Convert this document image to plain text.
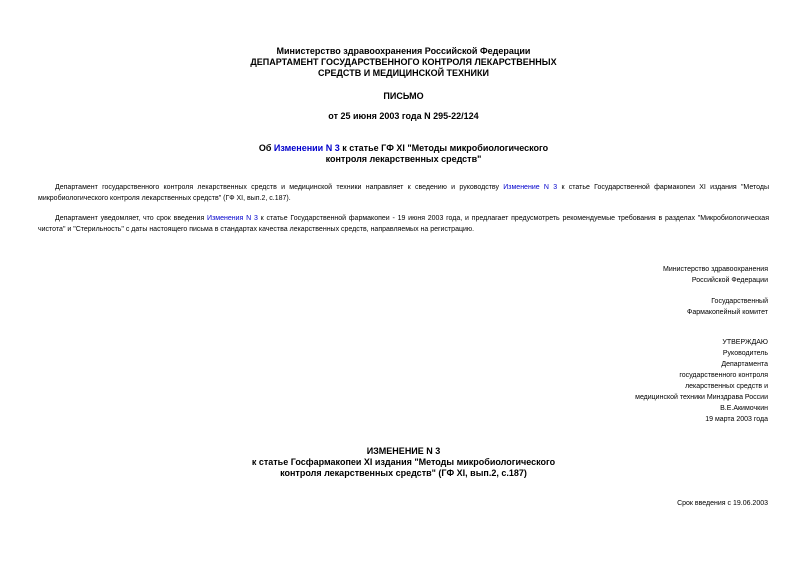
Министерство здравоохранения Российской Федерации
ДЕПАРТАМЕНТ ГОСУДАРСТВЕННОГО КОНТРОЛЯ ЛЕКАРСТВЕННЫХ
СРЕДСТВ И МЕДИЦИНСКОЙ ТЕХНИКИ
ПИСЬМО
от 25 июня 2003 года N 295-22/124
Об Изменении N 3 к статье ГФ XI "Методы микробиологического
контроля лекарственных средств"
Департамент государственного контроля лекарственных средств и медицинской техники направляет к сведению и руководству Изменение N 3 к статье Государственной фармакопеи XI издания "Методы микробиологического контроля лекарственных средств" (ГФ XI, вып.2, с.187).
Департамент уведомляет, что срок введения Изменения N 3 к статье Государственной фармакопеи - 19 июня 2003 года, и предлагает предусмотреть рекомендуемые требования в разделах "Микробиологическая чистота" и "Стерильность" с даты настоящего письма в стандартах качества лекарственных средств, направляемых на регистрацию.
Министерство здравоохранения
Российской Федерации
Государственный
Фармакопейный комитет
УТВЕРЖДАЮ
Руководитель
Департамента
государственного контроля
лекарственных средств и
медицинской техники Минздрава России
В.Е.Акимочкин
19 марта 2003 года
ИЗМЕНЕНИЕ N 3
к статье Госфармакопеи XI издания "Методы микробиологического
контроля лекарственных средств" (ГФ XI, вып.2, с.187)
Срок введения с 19.06.2003
